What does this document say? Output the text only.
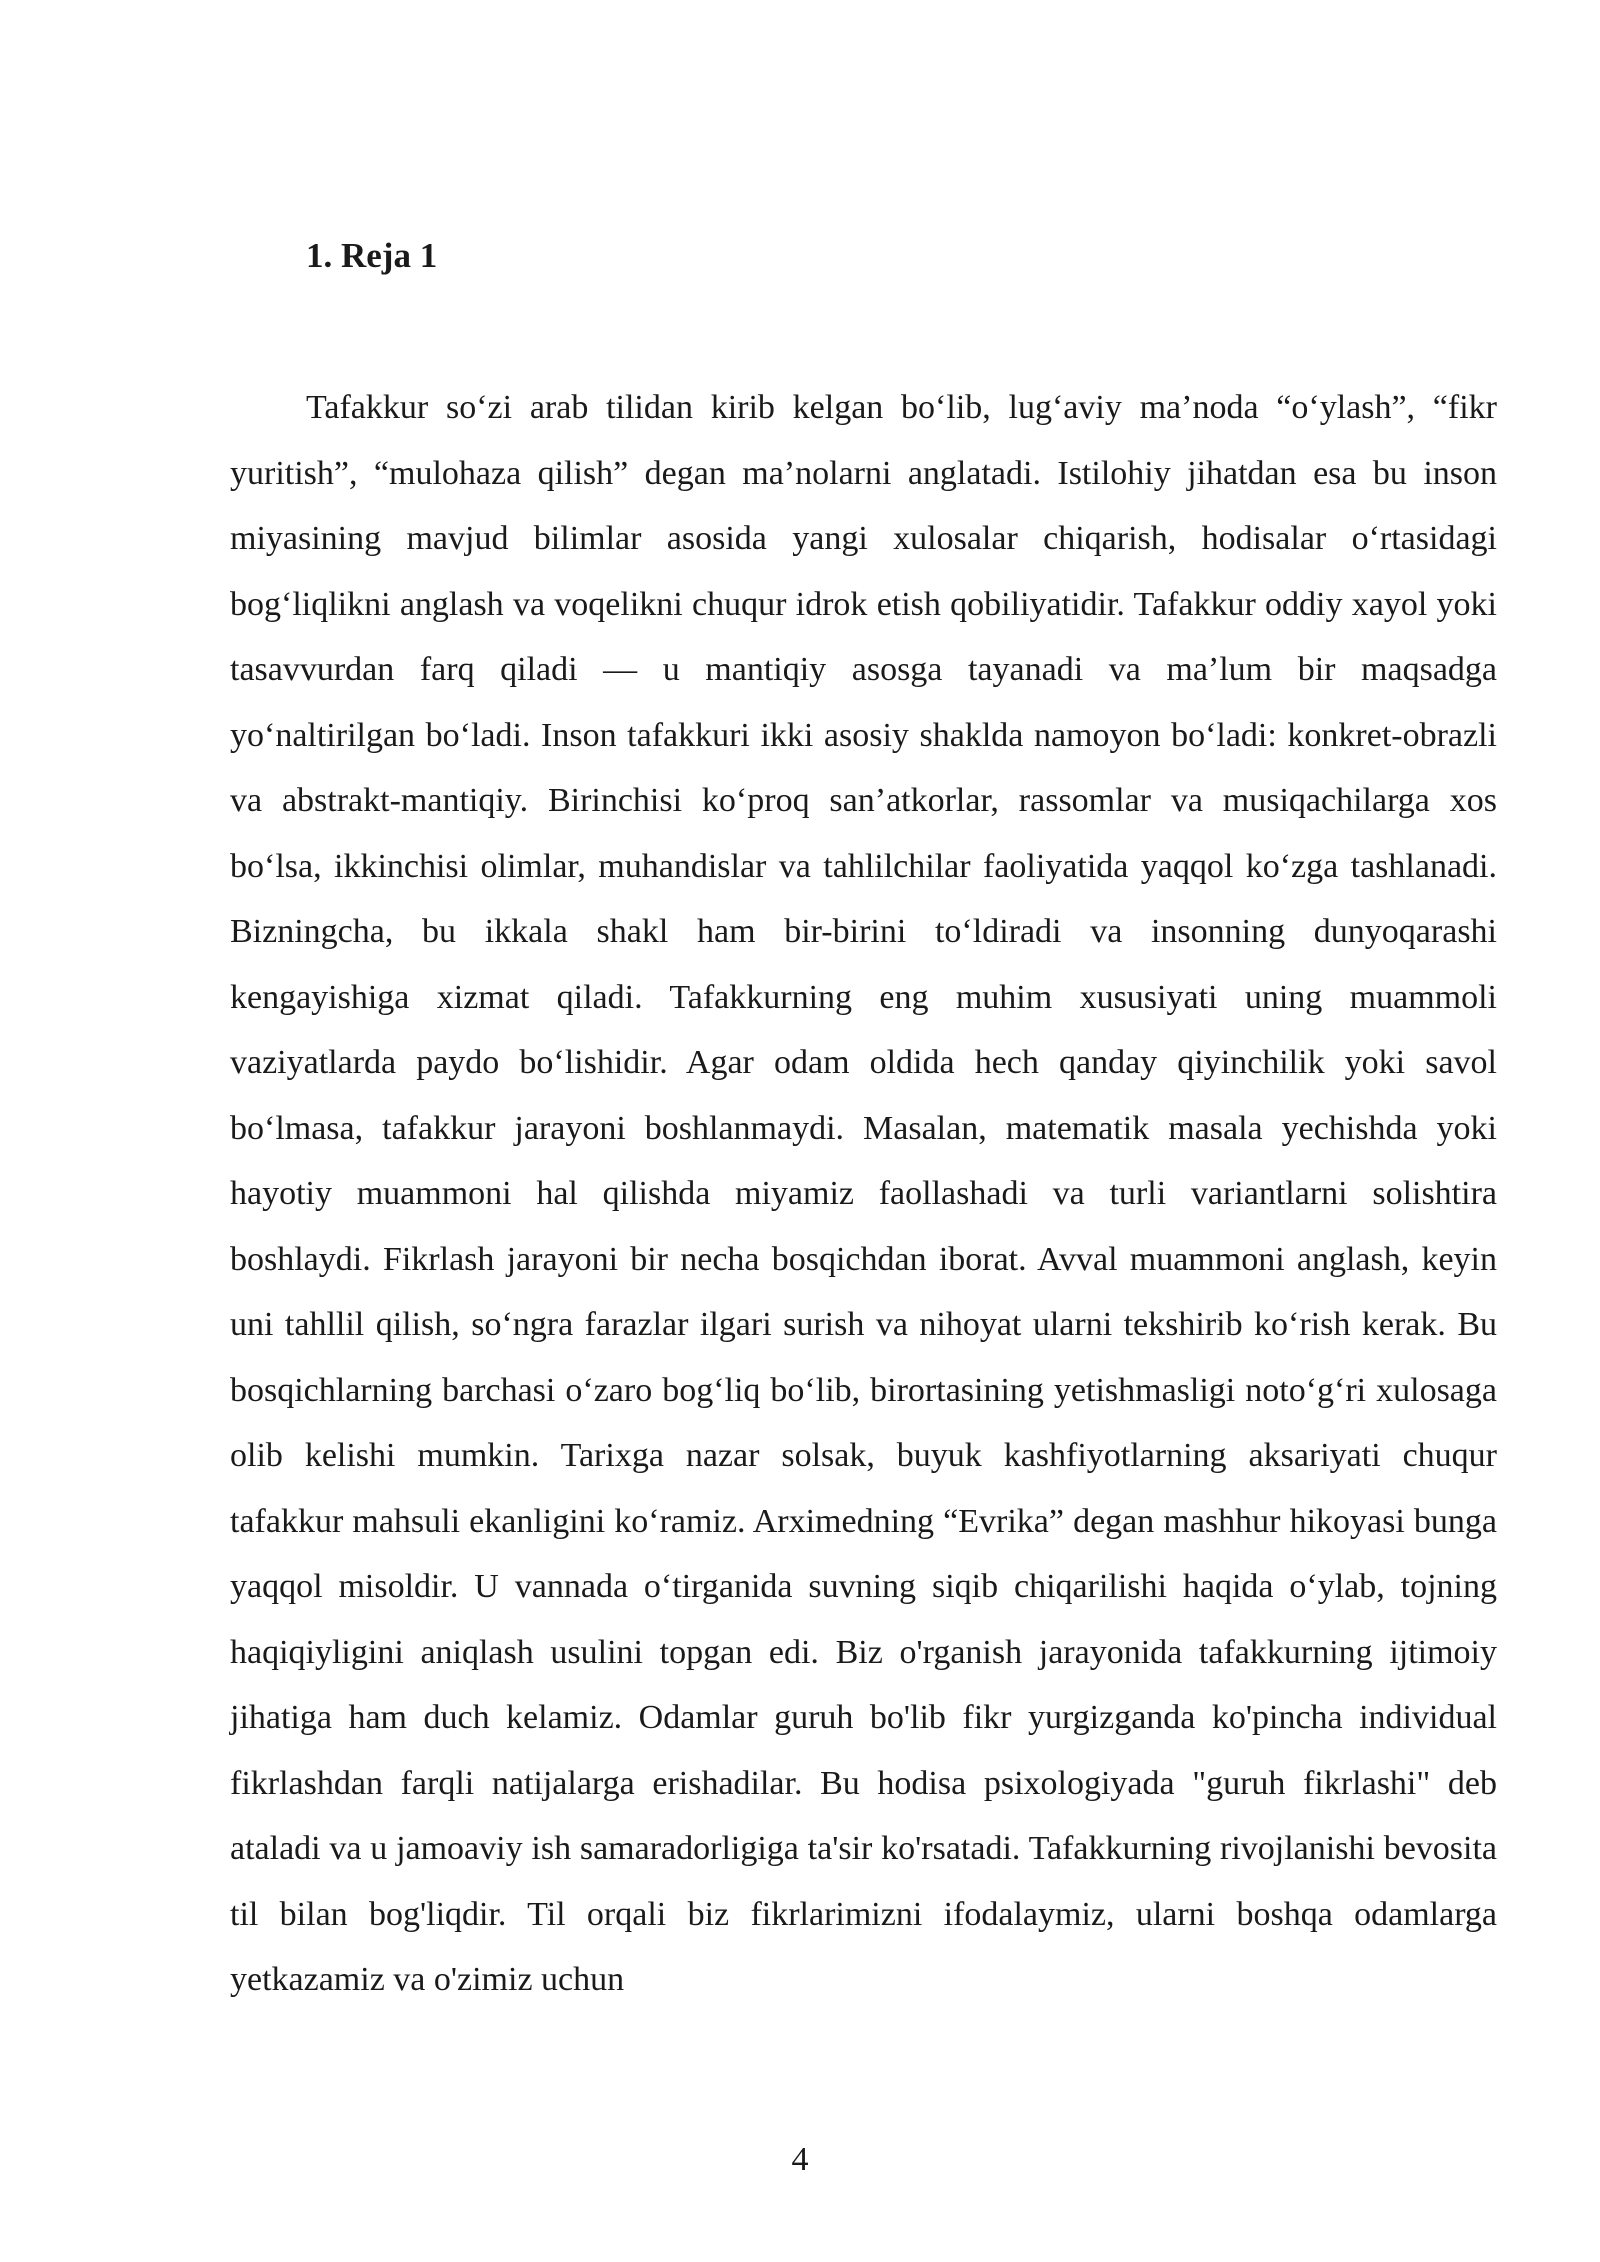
1. Reja 1

Tafakkur so‘zi arab tilidan kirib kelgan bo‘lib, lug‘aviy ma’noda “o‘ylash”, “fikr yuritish”, “mulohaza qilish” degan ma’nolarni anglatadi. Istilohiy jihatdan esa bu inson miyasining mavjud bilimlar asosida yangi xulosalar chiqarish, hodisalar o‘rtasidagi bog‘liqlikni anglash va voqelikni chuqur idrok etish qobiliyatidir. Tafakkur oddiy xayol yoki tasavvurdan farq qiladi — u mantiqiy asosga tayanadi va ma’lum bir maqsadga yo‘naltirilgan bo‘ladi. Inson tafakkuri ikki asosiy shaklda namoyon bo‘ladi: konkret-obrazli va abstrakt-mantiqiy. Birinchisi ko‘proq san’atkorlar, rassomlar va musiqachilarga xos bo‘lsa, ikkinchisi olimlar, muhandislar va tahlilchilar faoliyatida yaqqol ko‘zga tashlanadi. Bizningcha, bu ikkala shakl ham bir-birini to‘ldiradi va insonning dunyoqarashi kengayishiga xizmat qiladi. Tafakkurning eng muhim xususiyati uning muammoli vaziyatlarda paydo bo‘lishidir. Agar odam oldida hech qanday qiyinchilik yoki savol bo‘lmasa, tafakkur jarayoni boshlanmaydi. Masalan, matematik masala yechishda yoki hayotiy muammoni hal qilishda miyamiz faollashadi va turli variantlarni solishtira boshlaydi. Fikrlash jarayoni bir necha bosqichdan iborat. Avval muammoni anglash, keyin uni tahllil qilish, so‘ngra farazlar ilgari surish va nihoyat ularni tekshirib ko‘rish kerak. Bu bosqichlarning barchasi o‘zaro bog‘liq bo‘lib, birortasining yetishmasligi noto‘g‘ri xulosaga olib kelishi mumkin. Tarixga nazar solsak, buyuk kashfiyotlarning aksariyati chuqur tafakkur mahsuli ekanligini ko‘ramiz. Arximedning “Evrika” degan mashhur hikoyasi bunga yaqqol misoldir. U vannada o‘tirganida suvning siqib chiqarilishi haqida o‘ylab, tojning haqiqiyligini aniqlash usulini topgan edi. Biz o'rganish jarayonida tafakkurning ijtimoiy jihatiga ham duch kelamiz. Odamlar guruh bo'lib fikr yurgizganda ko'pincha individual fikrlashdan farqli natijalarga erishadilar. Bu hodisa psixologiyada "guruh fikrlashi" deb ataladi va u jamoaviy ish samaradorligiga ta'sir ko'rsatadi. Tafakkurning rivojlanishi bevosita til bilan bog'liqdir. Til orqali biz fikrlarimizni ifodalaymiz, ularni boshqa odamlarga yetkazamiz va o'zimiz uchun

4
